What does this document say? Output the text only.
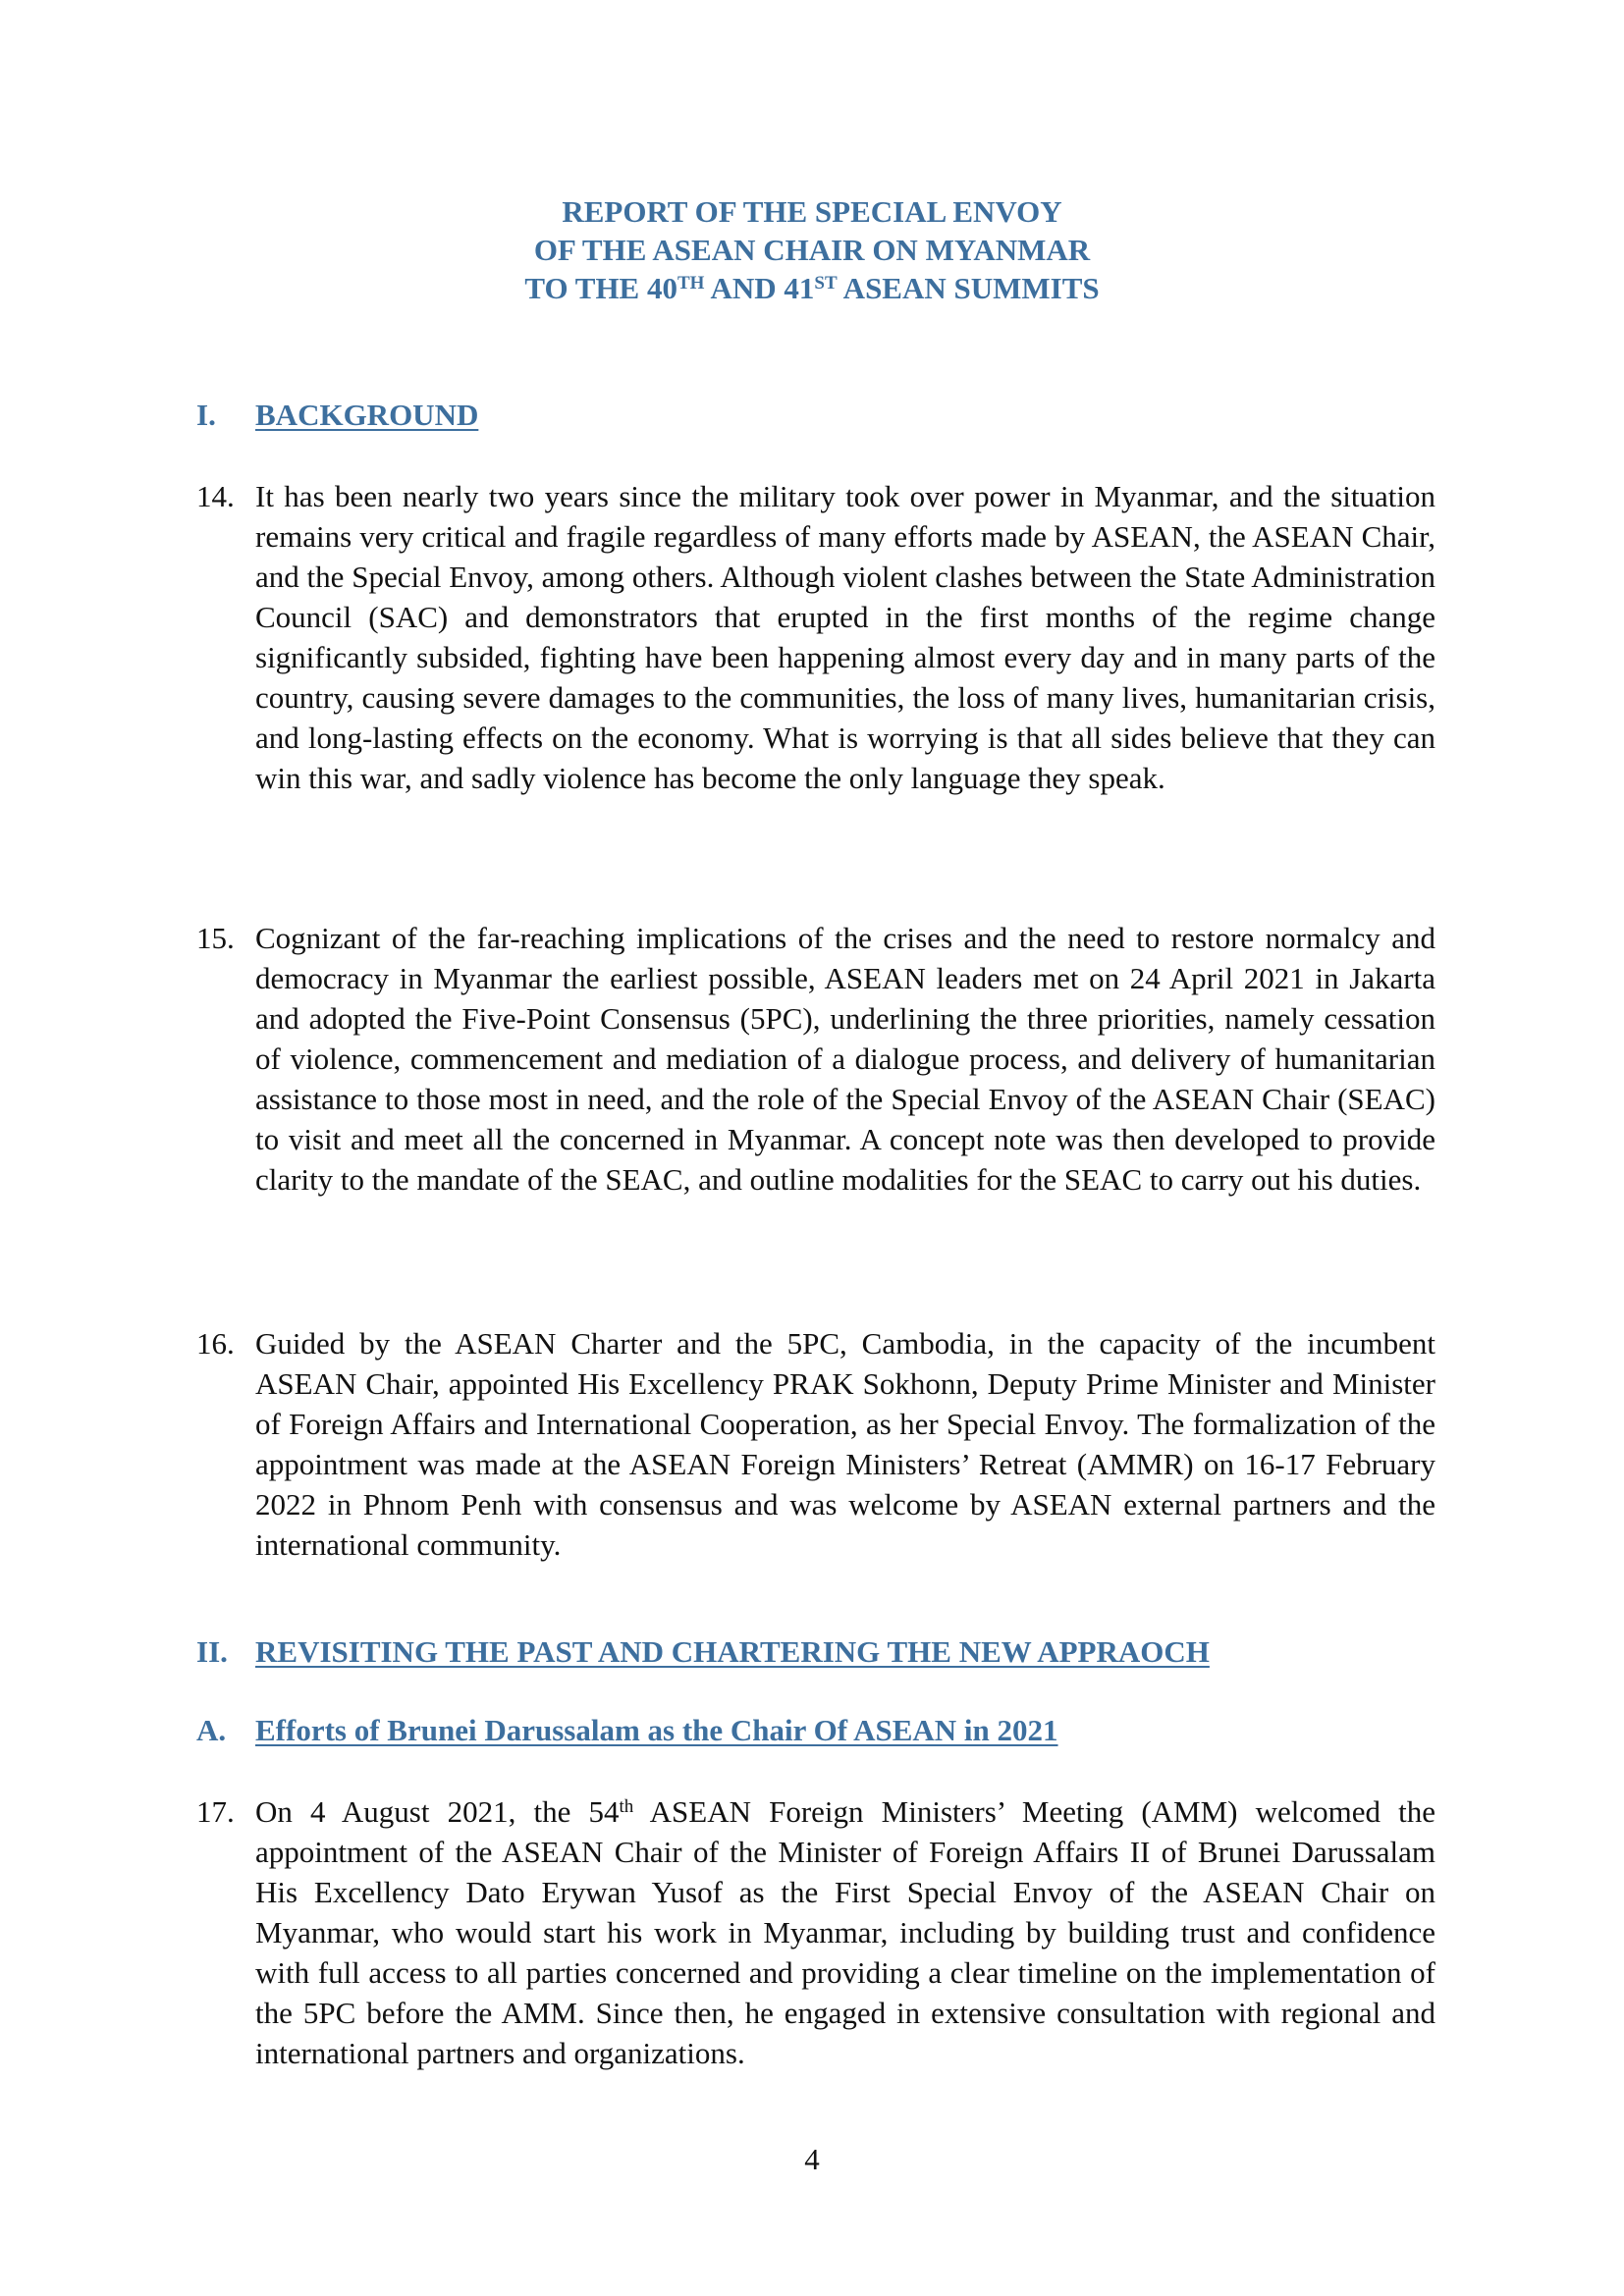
REPORT OF THE SPECIAL ENVOY
OF THE ASEAN CHAIR ON MYANMAR
TO THE 40TH AND 41ST ASEAN SUMMITS
I. BACKGROUND
14. It has been nearly two years since the military took over power in Myanmar, and the situation remains very critical and fragile regardless of many efforts made by ASEAN, the ASEAN Chair, and the Special Envoy, among others. Although violent clashes between the State Administration Council (SAC) and demonstrators that erupted in the first months of the regime change significantly subsided, fighting have been happening almost every day and in many parts of the country, causing severe damages to the communities, the loss of many lives, humanitarian crisis, and long-lasting effects on the economy. What is worrying is that all sides believe that they can win this war, and sadly violence has become the only language they speak.
15. Cognizant of the far-reaching implications of the crises and the need to restore normalcy and democracy in Myanmar the earliest possible, ASEAN leaders met on 24 April 2021 in Jakarta and adopted the Five-Point Consensus (5PC), underlining the three priorities, namely cessation of violence, commencement and mediation of a dialogue process, and delivery of humanitarian assistance to those most in need, and the role of the Special Envoy of the ASEAN Chair (SEAC) to visit and meet all the concerned in Myanmar. A concept note was then developed to provide clarity to the mandate of the SEAC, and outline modalities for the SEAC to carry out his duties.
16. Guided by the ASEAN Charter and the 5PC, Cambodia, in the capacity of the incumbent ASEAN Chair, appointed His Excellency PRAK Sokhonn, Deputy Prime Minister and Minister of Foreign Affairs and International Cooperation, as her Special Envoy. The formalization of the appointment was made at the ASEAN Foreign Ministers’ Retreat (AMMR) on 16-17 February 2022 in Phnom Penh with consensus and was welcome by ASEAN external partners and the international community.
II. REVISITING THE PAST AND CHARTERING THE NEW APPRAOCH
A. Efforts of Brunei Darussalam as the Chair Of ASEAN in 2021
17. On 4 August 2021, the 54th ASEAN Foreign Ministers’ Meeting (AMM) welcomed the appointment of the ASEAN Chair of the Minister of Foreign Affairs II of Brunei Darussalam His Excellency Dato Erywan Yusof as the First Special Envoy of the ASEAN Chair on Myanmar, who would start his work in Myanmar, including by building trust and confidence with full access to all parties concerned and providing a clear timeline on the implementation of the 5PC before the AMM. Since then, he engaged in extensive consultation with regional and international partners and organizations.
4
